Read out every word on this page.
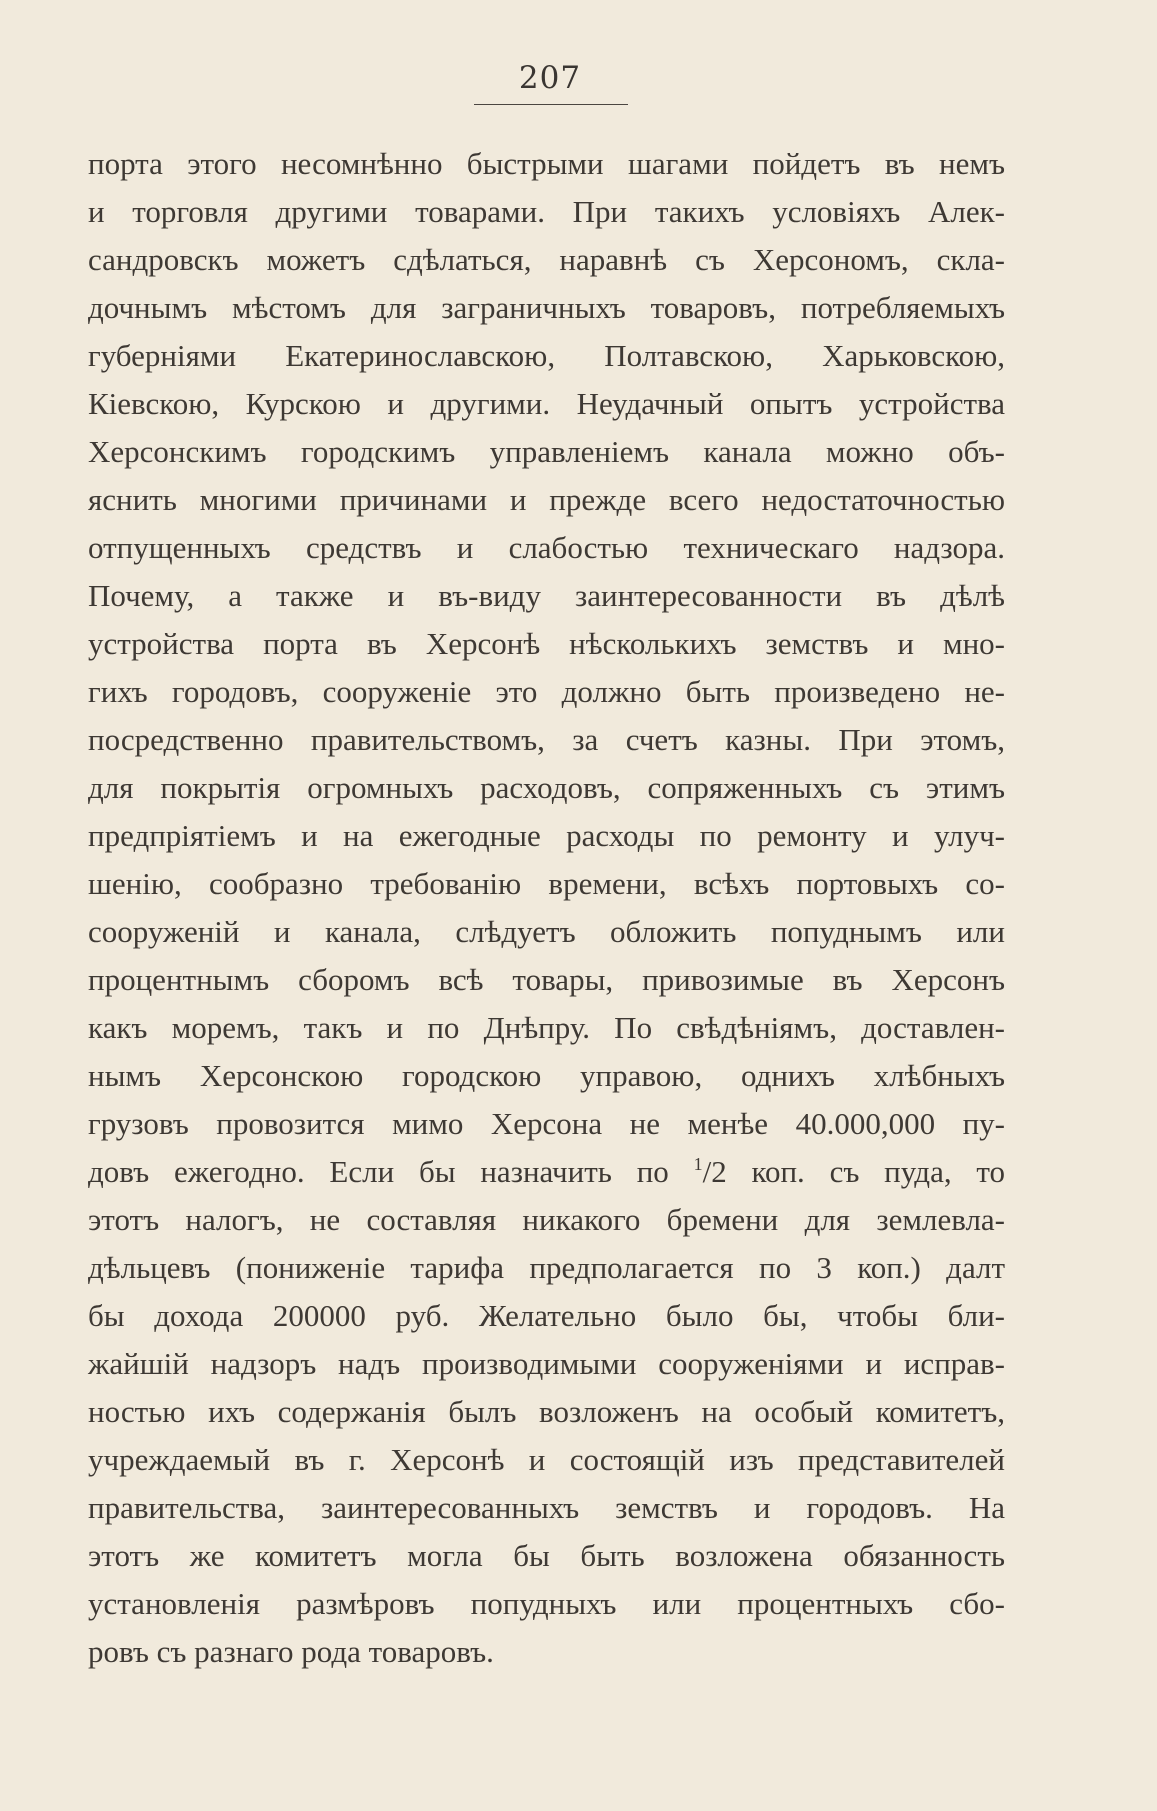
207
порта этого несомнѣнно быстрыми шагами пойдетъ въ немъ
и торговля другими товарами. При такихъ условіяхъ Алек-
сандровскъ можетъ сдѣлаться, наравнѣ съ Херсономъ, скла-
дочнымъ мѣстомъ для заграничныхъ товаровъ, потребляемыхъ
губерніями Екатеринославскою, Полтавскою, Харьковскою,
Кіевскою, Курскою и другими. Неудачный опытъ устройства
Херсонскимъ городскимъ управленіемъ канала можно объ-
яснить многими причинами и прежде всего недостаточностью
отпущенныхъ средствъ и слабостью техническаго надзора.
Почему, а также и въ-виду заинтересованности въ дѣлѣ
устройства порта въ Херсонѣ нѣсколькихъ земствъ и мно-
гихъ городовъ, сооруженіе это должно быть произведено не-
посредственно правительствомъ, за счетъ казны. При этомъ,
для покрытія огромныхъ расходовъ, сопряженныхъ съ этимъ
предпріятіемъ и на ежегодные расходы по ремонту и улуч-
шенію, сообразно требованію времени, всѣхъ портовыхъ со-
сооруженій и канала, слѣдуетъ обложить попуднымъ или
процентнымъ сборомъ всѣ товары, привозимые въ Херсонъ
какъ моремъ, такъ и по Днѣпру. По свѣдѣніямъ, доставлен-
нымъ Херсонскою городскою управою, однихъ хлѣбныхъ
грузовъ провозится мимо Херсона не менѣе 40.000,000 пу-
довъ ежегодно. Если бы назначить по $^1$/2 коп. съ пуда, то
этотъ налогъ, не составляя никакого бремени для землевла-
дѣльцевъ (пониженіе тарифа предполагается по 3 коп.) далт
бы дохода 200000 руб. Желательно было бы, чтобы бли-
жайшій надзоръ надъ производимыми сооруженіями и исправ-
ностью ихъ содержанія былъ возложенъ на особый комитетъ,
учреждаемый въ г. Херсонѣ и состоящій изъ представителей
правительства, заинтересованныхъ земствъ и городовъ. На
этотъ же комитетъ могла бы быть возложена обязанность
установленія размѣровъ попудныхъ или процентныхъ сбо-
ровъ съ разнаго рода товаровъ.
